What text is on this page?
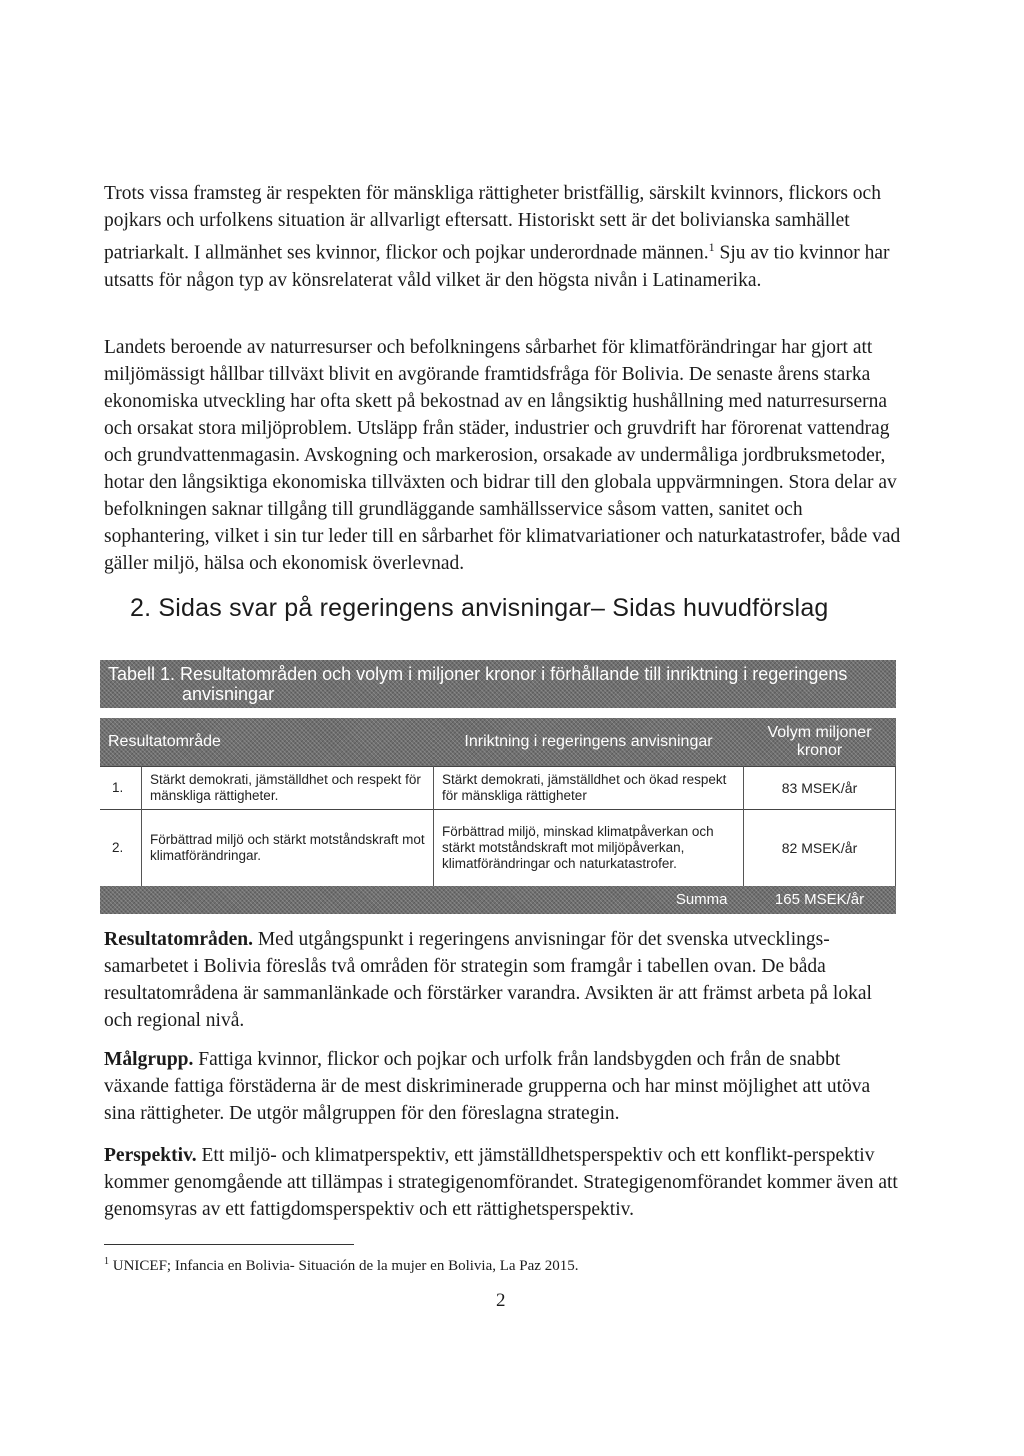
Trots vissa framsteg är respekten för mänskliga rättigheter bristfällig, särskilt kvinnors, flickors och pojkars och urfolkens situation är allvarligt eftersatt. Historiskt sett är det bolivianska samhället patriarkalt. I allmänhet ses kvinnor, flickor och pojkar underordnade männen.$^1$ Sju av tio kvinnor har utsatts för någon typ av könsrelaterat våld vilket är den högsta nivån i Latinamerika.

Landets beroende av naturresurser och befolkningens sårbarhet för klimatförändringar har gjort att miljömässigt hållbar tillväxt blivit en avgörande framtidsfråga för Bolivia. De senaste årens starka ekonomiska utveckling har ofta skett på bekostnad av en långsiktig hushållning med naturresurserna och orsakat stora miljöproblem. Utsläpp från städer, industrier och gruvdrift har förorenat vattendrag och grundvattenmagasin. Avskogning och markerosion, orsakade av undermåliga jordbruksmetoder, hotar den långsiktiga ekonomiska tillväxten och bidrar till den globala uppvärmningen. Stora delar av befolkningen saknar tillgång till grundläggande samhällsservice såsom vatten, sanitet och sophantering, vilket i sin tur leder till en sårbarhet för klimatvariationer och naturkatastrofer, både vad gäller miljö, hälsa och ekonomisk överlevnad.

2. Sidas svar på regeringens anvisningar– Sidas huvudförslag
Tabell 1. Resultatområden och volym i miljoner kronor i förhållande till inriktning i regeringens
anvisningar
Resultatområde		Inriktning i regeringens anvisningar	Volym miljoner kronor
1.	Stärkt demokrati, jämställdhet och respekt för mänskliga rättigheter.	Stärkt demokrati, jämställdhet och ökad respekt för mänskliga rättigheter	83 MSEK/år
2.	Förbättrad miljö och stärkt motståndskraft mot klimatförändringar.	Förbättrad miljö, minskad klimatpåverkan och stärkt motståndskraft mot miljöpåverkan, klimatförändringar och naturkatastrofer.	82 MSEK/år
Summa			165 MSEK/år

Resultatområden. Med utgångspunkt i regeringens anvisningar för det svenska utvecklings-samarbetet i Bolivia föreslås två områden för strategin som framgår i tabellen ovan. De båda resultatområdena är sammanlänkade och förstärker varandra. Avsikten är att främst arbeta på lokal och regional nivå.

Målgrupp. Fattiga kvinnor, flickor och pojkar och urfolk från landsbygden och från de snabbt växande fattiga förstäderna är de mest diskriminerade grupperna och har minst möjlighet att utöva sina rättigheter. De utgör målgruppen för den föreslagna strategin.

Perspektiv. Ett miljö- och klimatperspektiv, ett jämställdhetsperspektiv och ett konflikt-perspektiv kommer genomgående att tillämpas i strategigenomförandet. Strategigenomförandet kommer även att genomsyras av ett fattigdomsperspektiv och ett rättighetsperspektiv.

$^1$ UNICEF; Infancia en Bolivia- Situación de la mujer en Bolivia, La Paz 2015.
2
